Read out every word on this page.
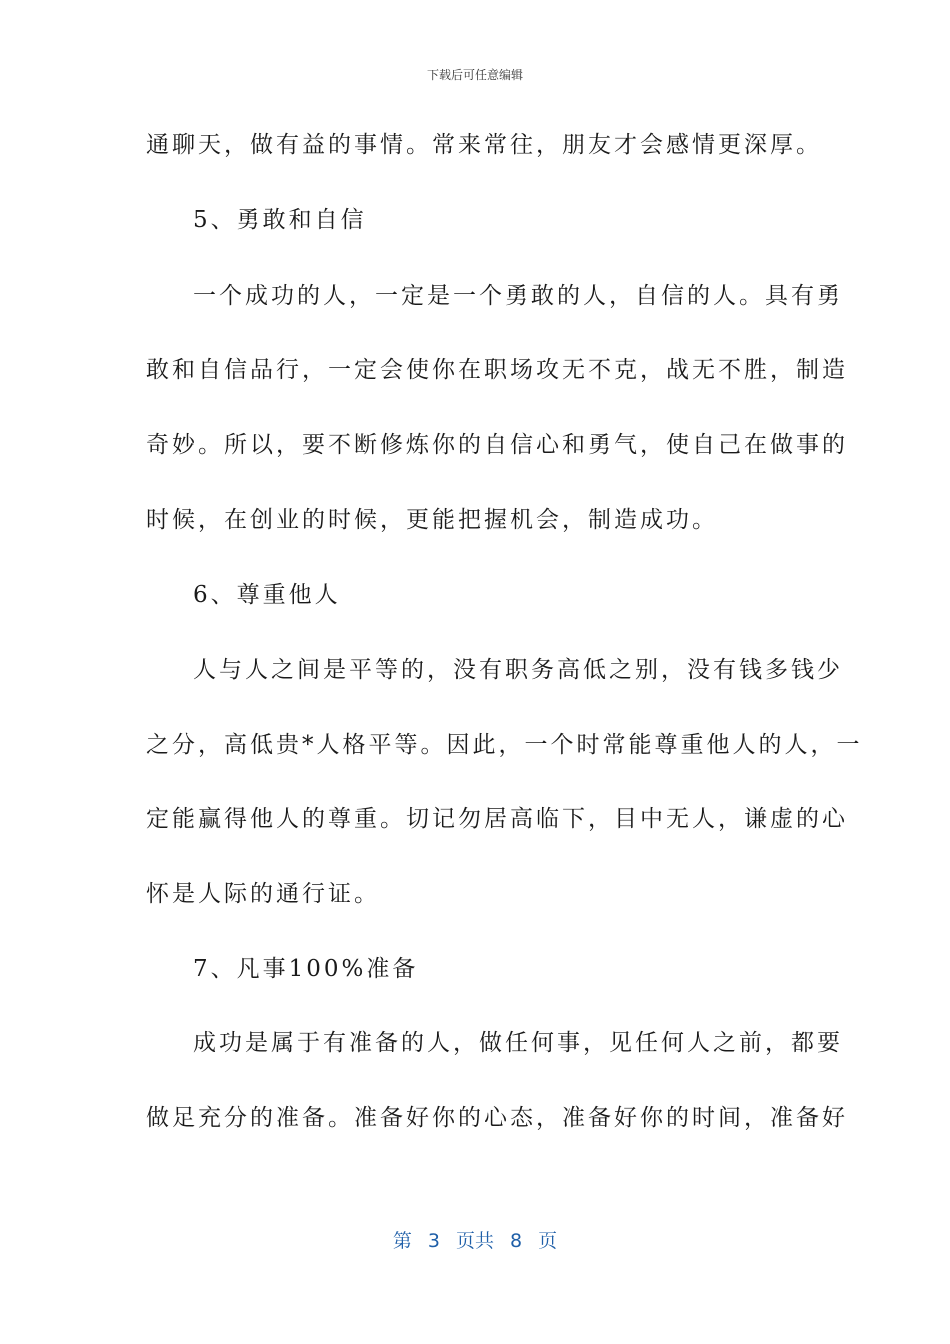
下载后可任意编辑
通聊天，做有益的事情。常来常往，朋友才会感情更深厚。
5、勇敢和自信
一个成功的人，一定是一个勇敢的人，自信的人。具有勇
敢和自信品行，一定会使你在职场攻无不克，战无不胜，制造
奇妙。所以，要不断修炼你的自信心和勇气，使自己在做事的
时候，在创业的时候，更能把握机会，制造成功。
6、尊重他人
人与人之间是平等的，没有职务高低之别，没有钱多钱少
之分，高低贵*人格平等。因此，一个时常能尊重他人的人，一
定能赢得他人的尊重。切记勿居高临下，目中无人，谦虚的心
怀是人际的通行证。
7、凡事100%准备
成功是属于有准备的人，做任何事，见任何人之前，都要
做足充分的准备。准备好你的心态，准备好你的时间，准备好
第 3 页共 8 页
